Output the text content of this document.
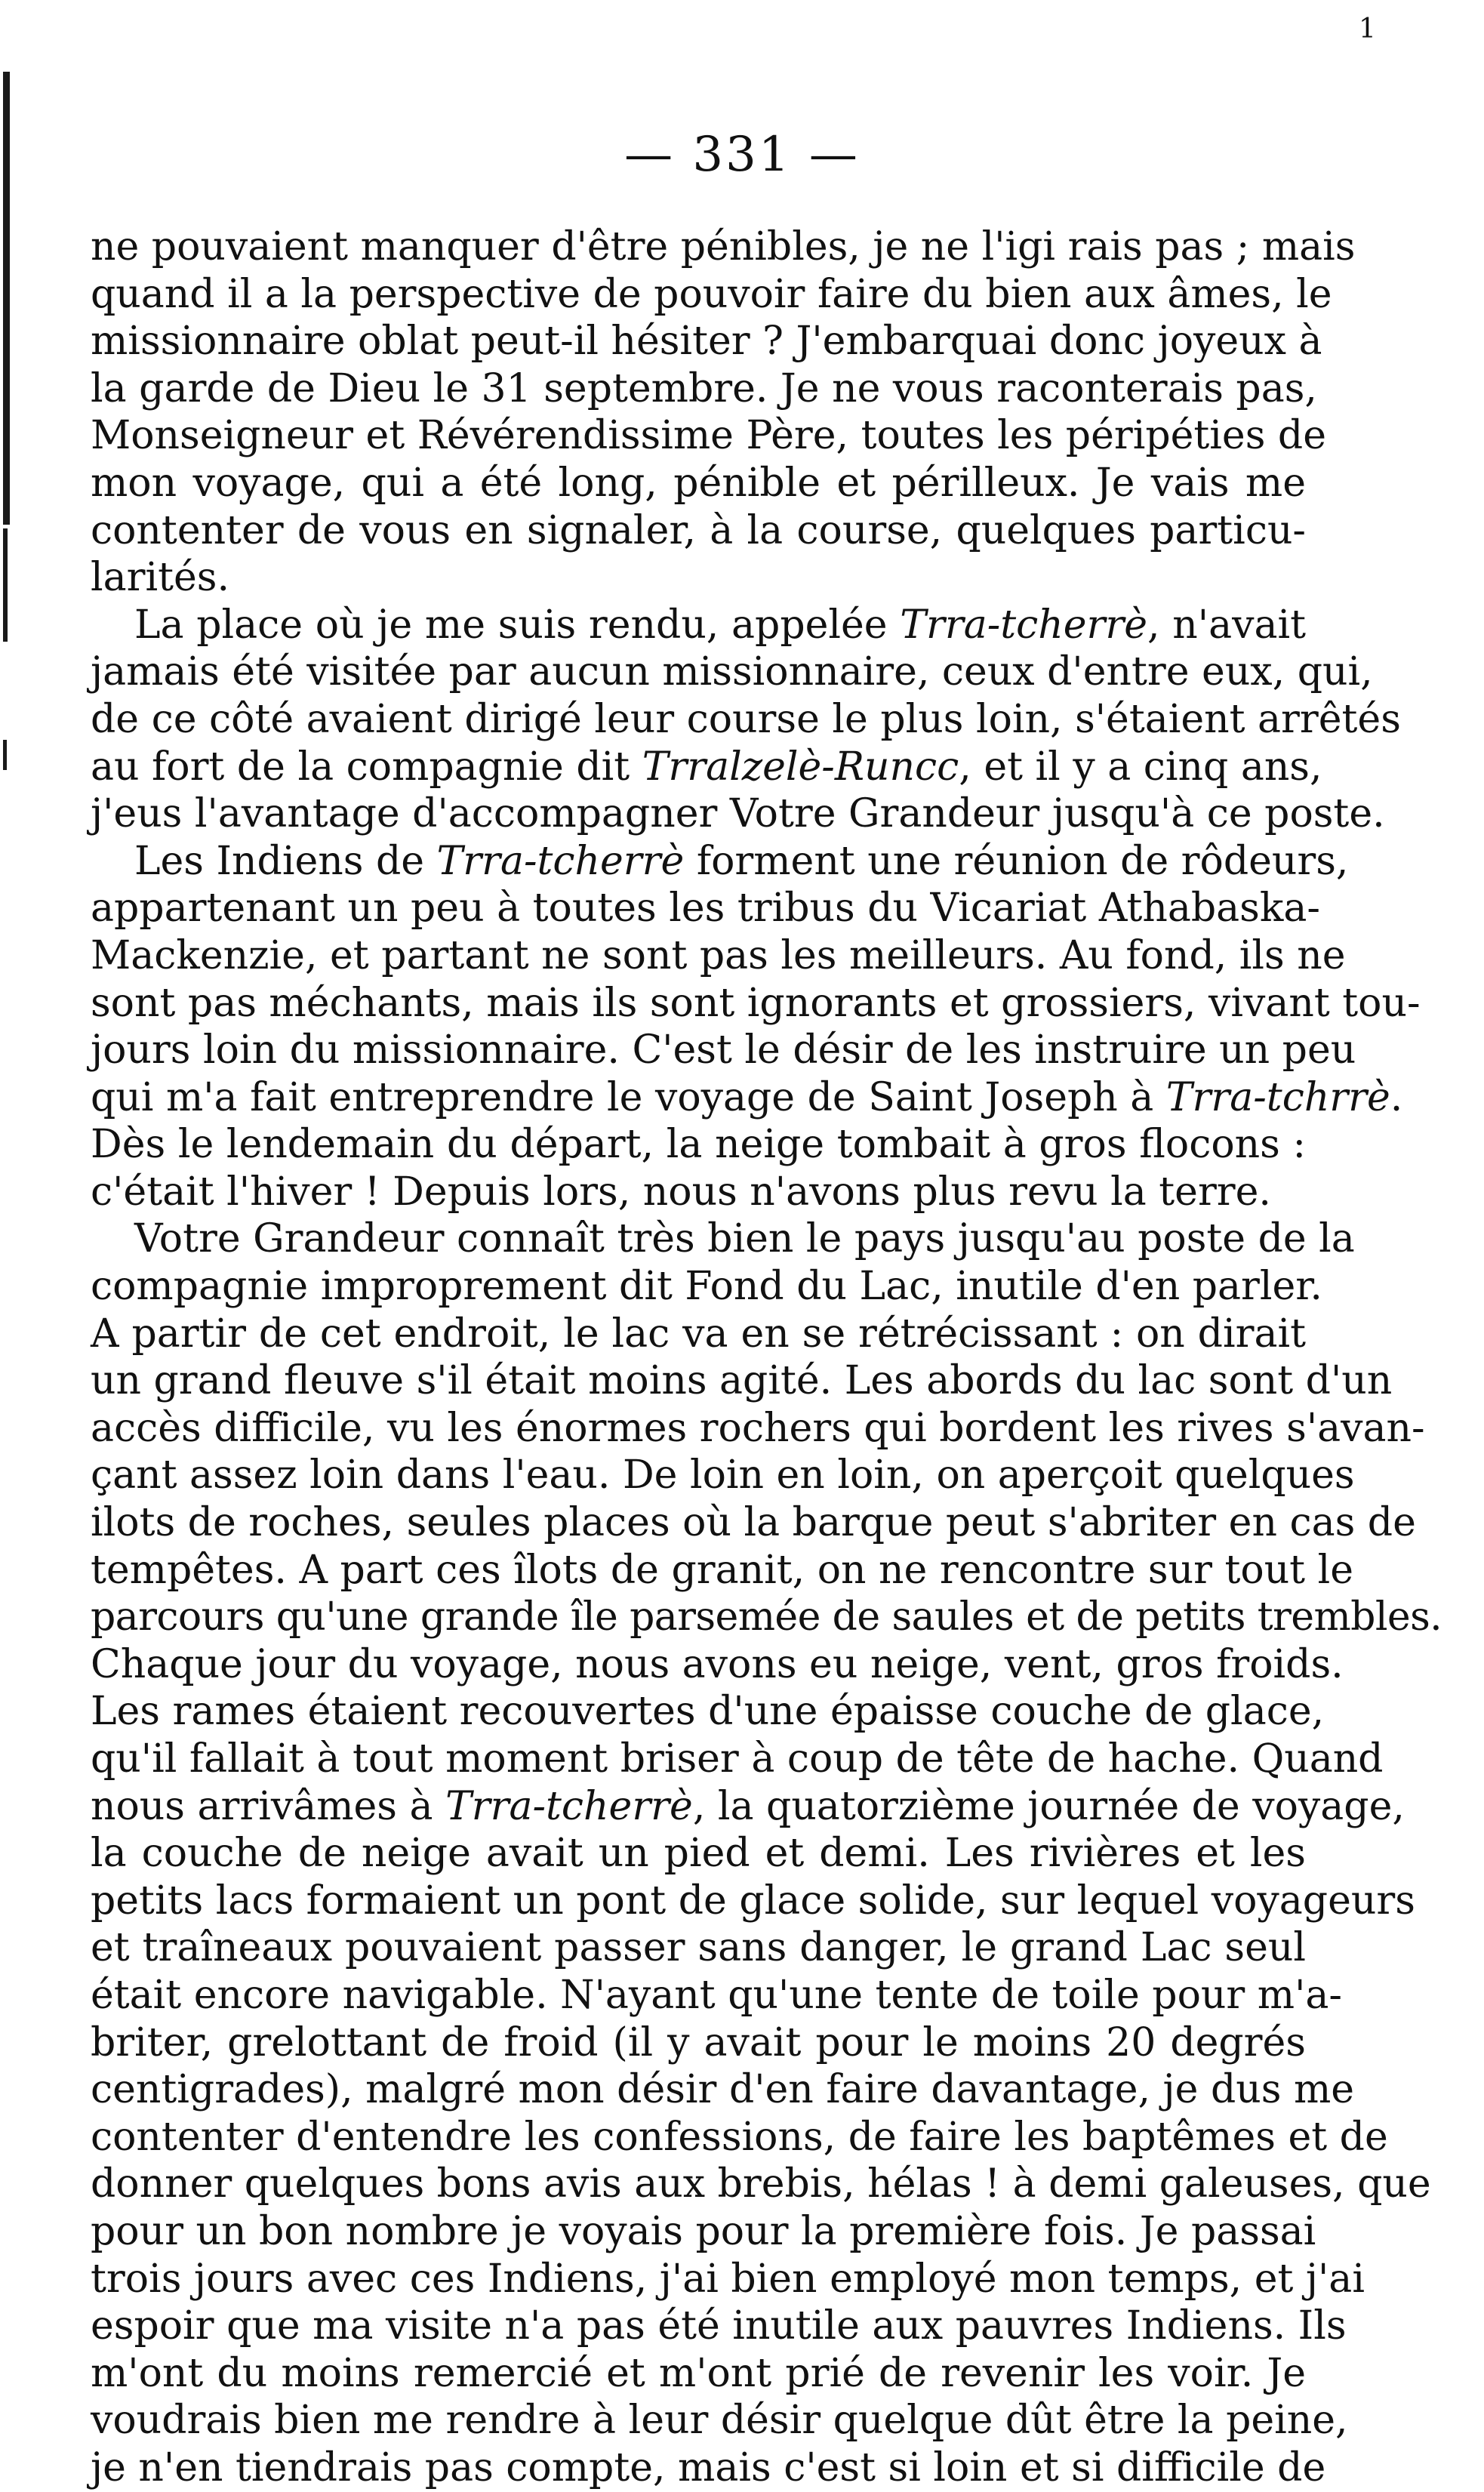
1
— 331 —
ne pouvaient manquer d'être pénibles, je ne l'igi rais pas ; mais
quand il a la perspective de pouvoir faire du bien aux âmes, le
missionnaire oblat peut-il hésiter ? J'embarquai donc joyeux à
la garde de Dieu le 31 septembre. Je ne vous raconterais pas,
Monseigneur et Révérendissime Père, toutes les péripéties de
mon voyage, qui a été long, pénible et périlleux. Je vais me
contenter de vous en signaler, à la course, quelques particu-
larités.
La place où je me suis rendu, appelée Trra-tcherrè, n'avait
jamais été visitée par aucun missionnaire, ceux d'entre eux, qui,
de ce côté avaient dirigé leur course le plus loin, s'étaient arrêtés
au fort de la compagnie dit Trralzelè-Runcc, et il y a cinq ans,
j'eus l'avantage d'accompagner Votre Grandeur jusqu'à ce poste.
Les Indiens de Trra-tcherrè forment une réunion de rôdeurs,
appartenant un peu à toutes les tribus du Vicariat Athabaska-
Mackenzie, et partant ne sont pas les meilleurs. Au fond, ils ne
sont pas méchants, mais ils sont ignorants et grossiers, vivant tou-
jours loin du missionnaire. C'est le désir de les instruire un peu
qui m'a fait entreprendre le voyage de Saint Joseph à Trra-tchrrè.
Dès le lendemain du départ, la neige tombait à gros flocons :
c'était l'hiver ! Depuis lors, nous n'avons plus revu la terre.
Votre Grandeur connaît très bien le pays jusqu'au poste de la
compagnie improprement dit Fond du Lac, inutile d'en parler.
A partir de cet endroit, le lac va en se rétrécissant : on dirait
un grand fleuve s'il était moins agité. Les abords du lac sont d'un
accès difficile, vu les énormes rochers qui bordent les rives s'avan-
çant assez loin dans l'eau. De loin en loin, on aperçoit quelques
ilots de roches, seules places où la barque peut s'abriter en cas de
tempêtes. A part ces îlots de granit, on ne rencontre sur tout le
parcours qu'une grande île parsemée de saules et de petits trembles.
Chaque jour du voyage, nous avons eu neige, vent, gros froids.
Les rames étaient recouvertes d'une épaisse couche de glace,
qu'il fallait à tout moment briser à coup de tête de hache. Quand
nous arrivâmes à Trra-tcherrè, la quatorzième journée de voyage,
la couche de neige avait un pied et demi. Les rivières et les
petits lacs formaient un pont de glace solide, sur lequel voyageurs
et traîneaux pouvaient passer sans danger, le grand Lac seul
était encore navigable. N'ayant qu'une tente de toile pour m'a-
briter, grelottant de froid (il y avait pour le moins 20 degrés
centigrades), malgré mon désir d'en faire davantage, je dus me
contenter d'entendre les confessions, de faire les baptêmes et de
donner quelques bons avis aux brebis, hélas ! à demi galeuses, que
pour un bon nombre je voyais pour la première fois. Je passai
trois jours avec ces Indiens, j'ai bien employé mon temps, et j'ai
espoir que ma visite n'a pas été inutile aux pauvres Indiens. Ils
m'ont du moins remercié et m'ont prié de revenir les voir. Je
voudrais bien me rendre à leur désir quelque dût être la peine,
je n'en tiendrais pas compte, mais c'est si loin et si difficile de
